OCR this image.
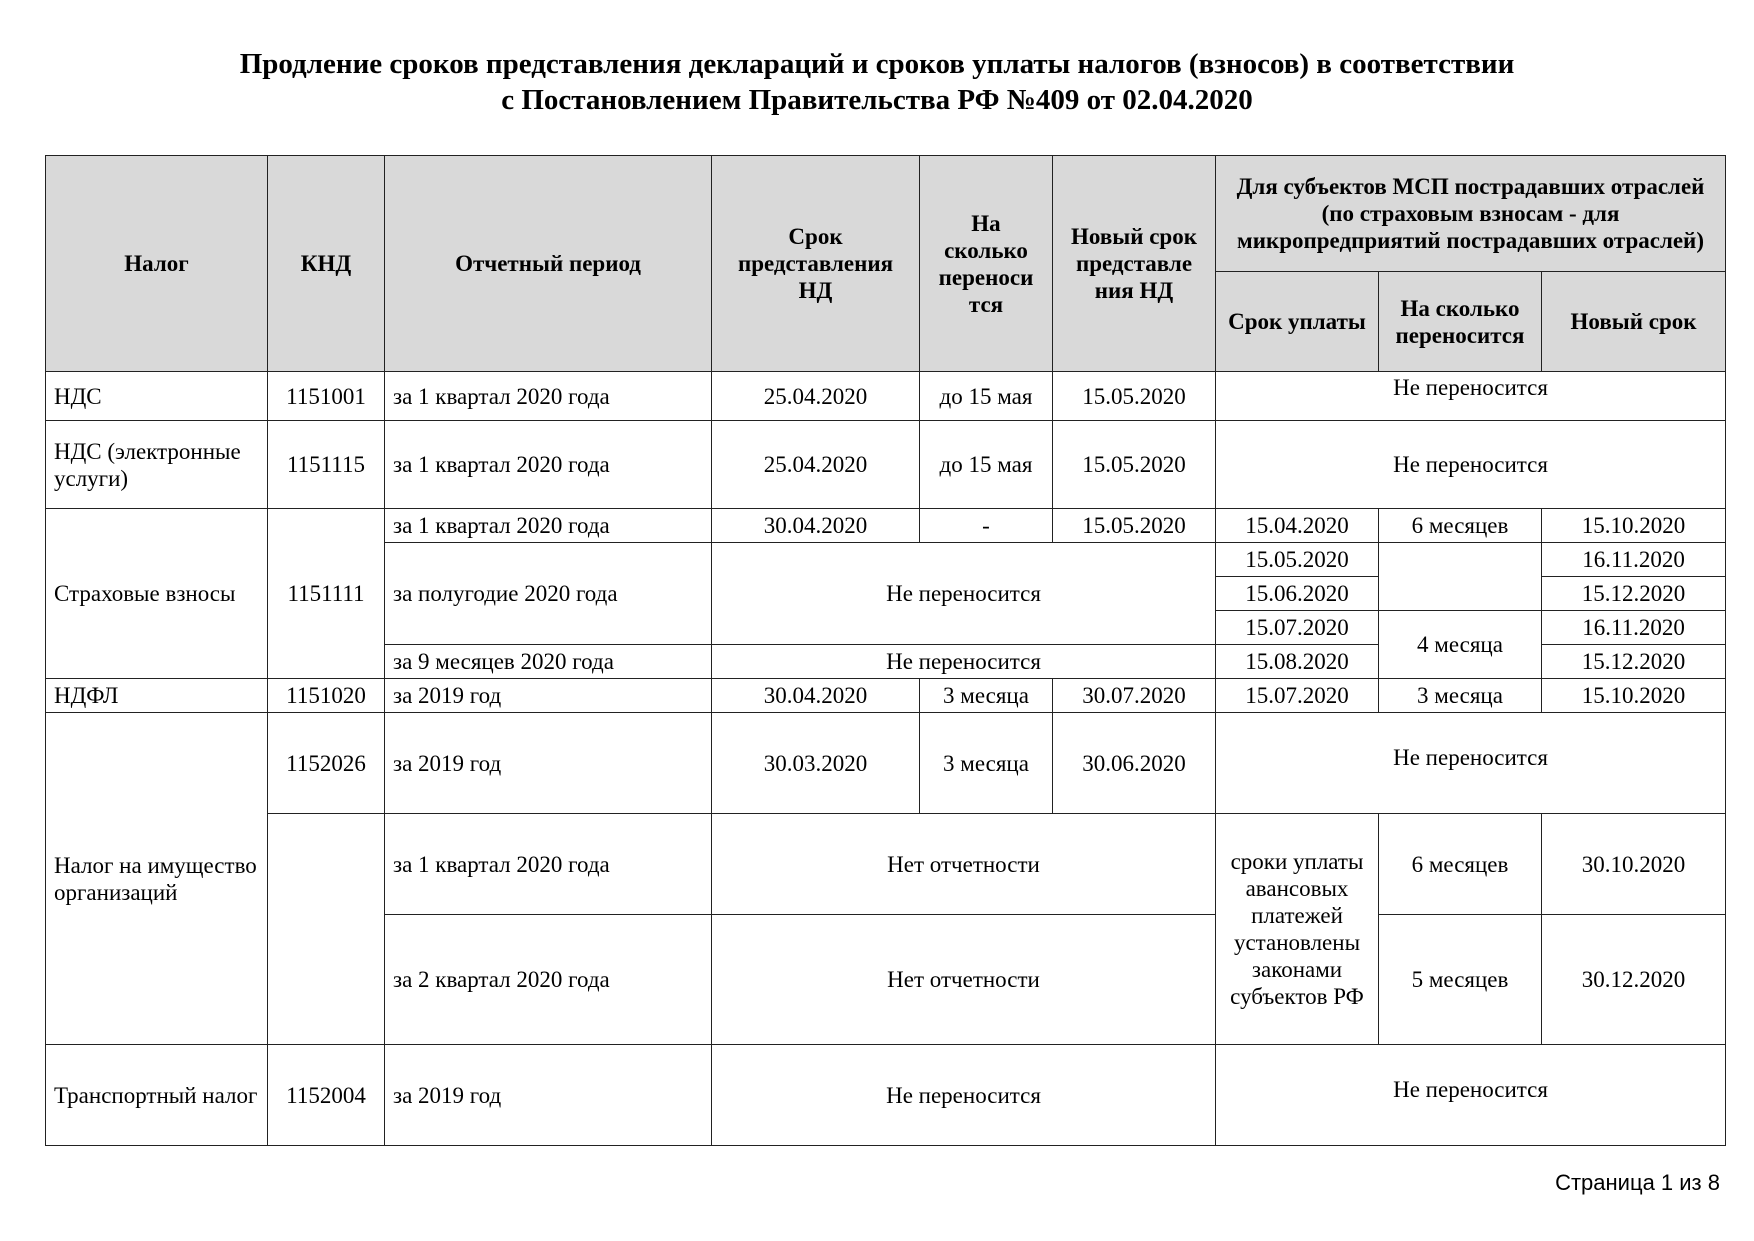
Продление сроков представления деклараций и сроков уплаты налогов (взносов) в соответствии
с Постановлением Правительства РФ №409 от 02.04.2020
Налог	КНД	Отчетный период	Срок представления НД	На сколько переноси тся	Новый срок представле ния НД	Для субъектов МСП пострадавших отраслей (по страховым взносам - для микропредприятий пострадавших отраслей)		
						Срок уплаты	На сколько переносится	Новый срок
НДС	1151001	за 1 квартал 2020 года	25.04.2020	до 15 мая	15.05.2020	Не переносится		
НДС (электронные услуги)	1151115	за 1 квартал 2020 года	25.04.2020	до 15 мая	15.05.2020	Не переносится		
Страховые взносы	1151111	за 1 квартал 2020 года	30.04.2020	-	15.05.2020	15.04.2020	6 месяцев	15.10.2020
		за полугодие 2020 года	Не переносится			15.05.2020		16.11.2020
						15.06.2020		15.12.2020
						15.07.2020	4 месяца	16.11.2020
		за 9 месяцев 2020 года	Не переносится			15.08.2020		15.12.2020
НДФЛ	1151020	за 2019 год	30.04.2020	3 месяца	30.07.2020	15.07.2020	3 месяца	15.10.2020
Налог на имущество организаций	1152026	за 2019 год	30.03.2020	3 месяца	30.06.2020	Не переносится		
		за 1 квартал 2020 года	Нет отчетности			сроки уплаты авансовых платежей установлены законами субъектов РФ	6 месяцев	30.10.2020
		за 2 квартал 2020 года	Нет отчетности				5 месяцев	30.12.2020
Транспортный налог	1152004	за 2019 год	Не переносится			Не переносится		
Страница 1 из 8
